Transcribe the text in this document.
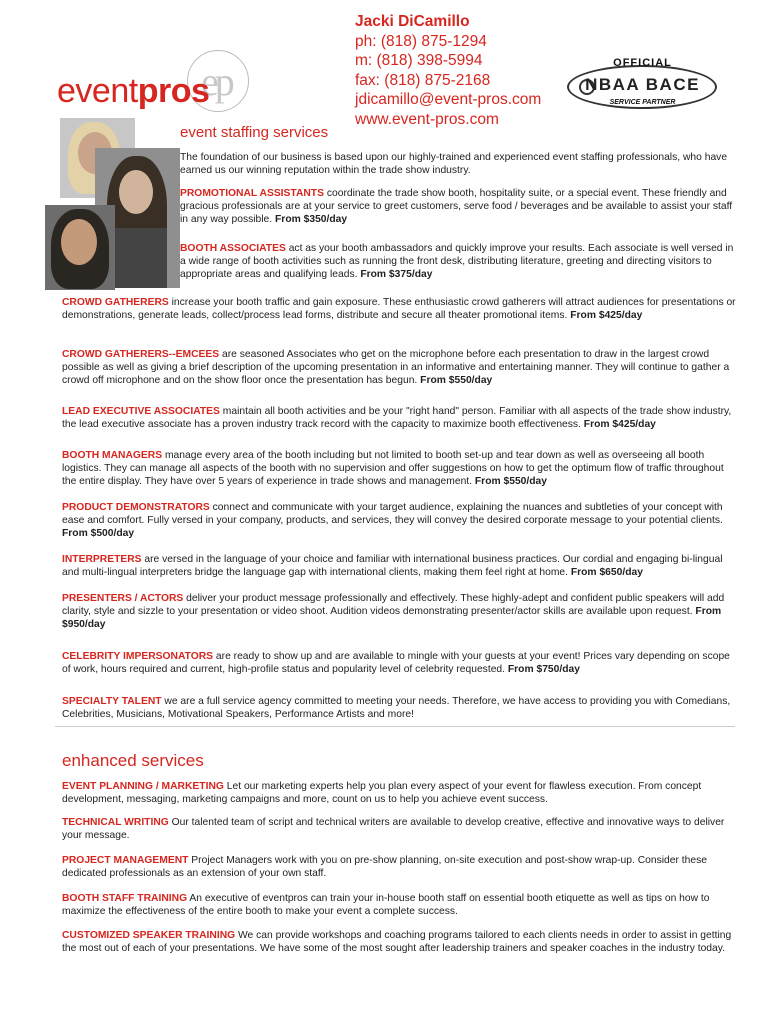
ep
eventpros
Jacki DiCamillo
ph: (818) 875-1294
m: (818) 398-5994
fax: (818) 875-2168
jdicamillo@event-pros.com
www.event-pros.com
OFFICIAL
NBAA BACE
SERVICE PARTNER
event staffing services
The foundation of our business is based upon our highly-trained and experienced event staffing professionals, who have earned us our winning reputation within the trade show industry.
PROMOTIONAL ASSISTANTS coordinate the trade show booth, hospitality suite, or a special event. These friendly and gracious professionals are at your service to greet customers, serve food / beverages and be available to assist your staff in any way possible. From $350/day
BOOTH ASSOCIATES act as your booth ambassadors and quickly improve your results. Each associate is well versed in a wide range of booth activities such as running the front desk, distributing literature, greeting and directing visitors to appropriate areas and qualifying leads. From $375/day
CROWD GATHERERS increase your booth traffic and gain exposure. These enthusiastic crowd gatherers will attract audiences for presentations or demonstrations, generate leads, collect/process lead forms, distribute and secure all theater promotional items. From $425/day
CROWD GATHERERS--EMCEES are seasoned Associates who get on the microphone before each presentation to draw in the largest crowd possible as well as giving a brief description of the upcoming presentation in an informative and entertaining manner. They will continue to gather a crowd off microphone and on the show floor once the presentation has begun. From $550/day
LEAD EXECUTIVE ASSOCIATES maintain all booth activities and be your "right hand" person. Familiar with all aspects of the trade show industry, the lead executive associate has a proven industry track record with the capacity to maximize booth effectiveness. From $425/day
BOOTH MANAGERS manage every area of the booth including but not limited to booth set-up and tear down as well as overseeing all booth logistics. They can manage all aspects of the booth with no supervision and offer suggestions on how to get the optimum flow of traffic throughout the entire display. They have over 5 years of experience in trade shows and management. From $550/day
PRODUCT DEMONSTRATORS connect and communicate with your target audience, explaining the nuances and subtleties of your concept with ease and comfort. Fully versed in your company, products, and services, they will convey the desired corporate message to your potential clients. From $500/day
INTERPRETERS are versed in the language of your choice and familiar with international business practices. Our cordial and engaging bi-lingual and multi-lingual interpreters bridge the language gap with international clients, making them feel right at home. From $650/day
PRESENTERS / ACTORS deliver your product message professionally and effectively. These highly-adept and confident public speakers will add clarity, style and sizzle to your presentation or video shoot. Audition videos demonstrating presenter/actor skills are available upon request. From $950/day
CELEBRITY IMPERSONATORS are ready to show up and are available to mingle with your guests at your event! Prices vary depending on scope of work, hours required and current, high-profile status and popularity level of celebrity requested. From $750/day
SPECIALTY TALENT we are a full service agency committed to meeting your needs. Therefore, we have access to providing you with Comedians, Celebrities, Musicians, Motivational Speakers, Performance Artists and more!
enhanced services
EVENT PLANNING / MARKETING Let our marketing experts help you plan every aspect of your event for flawless execution. From concept development, messaging, marketing campaigns and more, count on us to help you achieve event success.
TECHNICAL WRITING Our talented team of script and technical writers are available to develop creative, effective and innovative ways to deliver your message.
PROJECT MANAGEMENT Project Managers work with you on pre-show planning, on-site execution and post-show wrap-up. Consider these dedicated professionals as an extension of your own staff.
BOOTH STAFF TRAINING An executive of eventpros can train your in-house booth staff on essential booth etiquette as well as tips on how to maximize the effectiveness of the entire booth to make your event a complete success.
CUSTOMIZED SPEAKER TRAINING We can provide workshops and coaching programs tailored to each clients needs in order to assist in getting the most out of each of your presentations. We have some of the most sought after leadership trainers and speaker coaches in the industry today.
